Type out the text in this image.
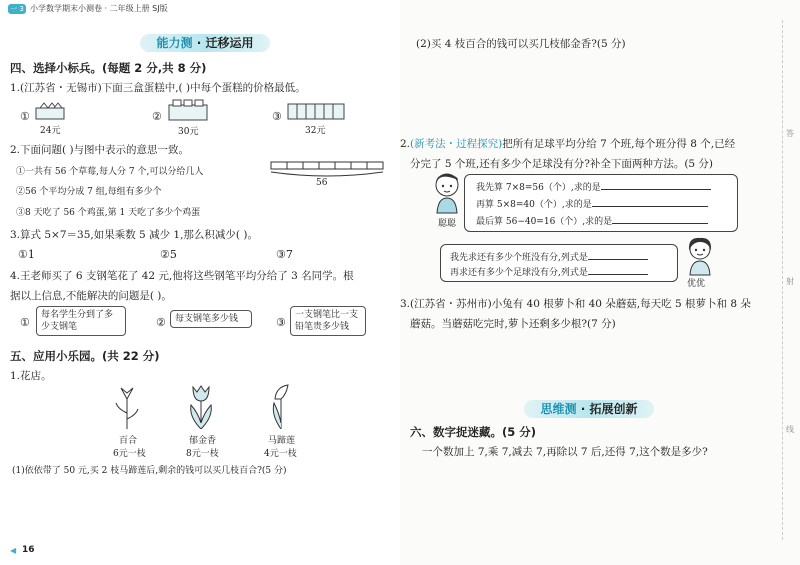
一 3 小学数学期末小测卷 · 二年级上册 SJ版
能力测 · 迁移运用
四、选择小标兵。(每题 2 分,共 8 分)
1.(江苏省・无锡市)下面三盒蛋糕中,( )中每个蛋糕的价格最低。
①
24元
②
30元
③
32元
2.下面问题( )与图中表示的意思一致。
①一共有 56 个草莓,每人分 7 个,可以分给几人
②56 个平均分成 7 组,每组有多少个
③8 天吃了 56 个鸡蛋,第 1 天吃了多少个鸡蛋
56
3.算式 5×7＝35,如果乘数 5 减少 1,那么积减少( )。
①1	②5	③7
4.王老师买了 6 支钢笔花了 42 元,他将这些钢笔平均分给了 3 名同学。根
据以上信息,不能解决的问题是( )。
①
每名学生分到了多少支钢笔	②	每支钢笔多少钱	③
一支钢笔比一支铅笔贵多少钱
五、应用小乐园。(共 22 分)
1.花店。
百合
6元一枝
郁金香
8元一枝
马蹄莲
4元一枝
(1)依依带了 50 元,买 2 枝马蹄莲后,剩余的钱可以买几枝百合?(5 分)
◀ 16
(2)买 4 枝百合的钱可以买几枝郁金香?(5 分)
2.(新考法・过程探究)把所有足球平均分给 7 个班,每个班分得 8 个,已经
分完了 5 个班,还有多少个足球没有分?补全下面两种方法。(5 分)
聪聪
我先算 7×8=56（个）,求的是
再算 5×8=40（个）,求的是
最后算 56−40=16（个）,求的是
我先求还有多少个班没有分,列式是
再求还有多少个足球没有分,列式是
优优
3.(江苏省・苏州市)小兔有 40 根萝卜和 40 朵蘑菇,每天吃 5 根萝卜和 8 朵
蘑菇。当蘑菇吃完时,萝卜还剩多少根?(7 分)
思维测 · 拓展创新
六、数字捉迷藏。(5 分)
一个数加上 7,乘 7,减去 7,再除以 7 后,还得 7,这个数是多少?
答
射
线
